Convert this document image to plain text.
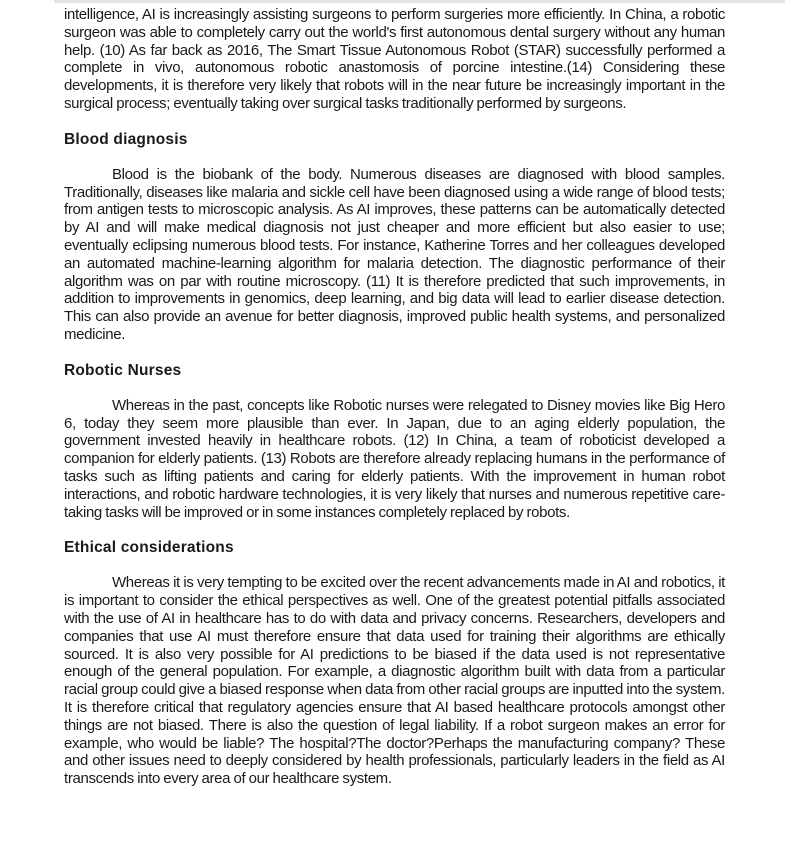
intelligence, AI is increasingly assisting surgeons to perform surgeries more efficiently. In China, a robotic surgeon was able to completely carry out the world's first autonomous dental surgery without any human help. (10) As far back as 2016, The Smart Tissue Autonomous Robot (STAR) successfully performed a complete in vivo, autonomous robotic anastomosis of porcine intestine.(14) Considering these developments, it is therefore very likely that robots will in the near future be increasingly important in the surgical process; eventually taking over surgical tasks traditionally performed by surgeons.

Blood diagnosis

Blood is the biobank of the body. Numerous diseases are diagnosed with blood samples. Traditionally, diseases like malaria and sickle cell have been diagnosed using a wide range of blood tests; from antigen tests to microscopic analysis. As AI improves, these patterns can be automatically detected by AI and will make medical diagnosis not just cheaper and more efficient but also easier to use; eventually eclipsing numerous blood tests. For instance, Katherine Torres and her colleagues developed an automated machine-learning algorithm for malaria detection. The diagnostic performance of their algorithm was on par with routine microscopy. (11) It is therefore predicted that such improvements, in addition to improvements in genomics, deep learning, and big data will lead to earlier disease detection. This can also provide an avenue for better diagnosis, improved public health systems, and personalized medicine.

Robotic Nurses

Whereas in the past, concepts like Robotic nurses were relegated to Disney movies like Big Hero 6, today they seem more plausible than ever. In Japan, due to an aging elderly population, the government invested heavily in healthcare robots. (12) In China, a team of roboticist developed a companion for elderly patients. (13) Robots are therefore already replacing humans in the performance of tasks such as lifting patients and caring for elderly patients. With the improvement in human robot interactions, and robotic hardware technologies, it is very likely that nurses and numerous repetitive care-taking tasks will be improved or in some instances completely replaced by robots.

Ethical considerations

Whereas it is very tempting to be excited over the recent advancements made in AI and robotics, it is important to consider the ethical perspectives as well. One of the greatest potential pitfalls associated with the use of AI in healthcare has to do with data and privacy concerns. Researchers, developers and companies that use AI must therefore ensure that data used for training their algorithms are ethically sourced. It is also very possible for AI predictions to be biased if the data used is not representative enough of the general population. For example, a diagnostic algorithm built with data from a particular racial group could give a biased response when data from other racial groups are inputted into the system. It is therefore critical that regulatory agencies ensure that AI based healthcare protocols amongst other things are not biased. There is also the question of legal liability. If a robot surgeon makes an error for example, who would be liable? The hospital?The doctor?Perhaps the manufacturing company? These and other issues need to deeply considered by health professionals, particularly leaders in the field as AI transcends into every area of our healthcare system.
